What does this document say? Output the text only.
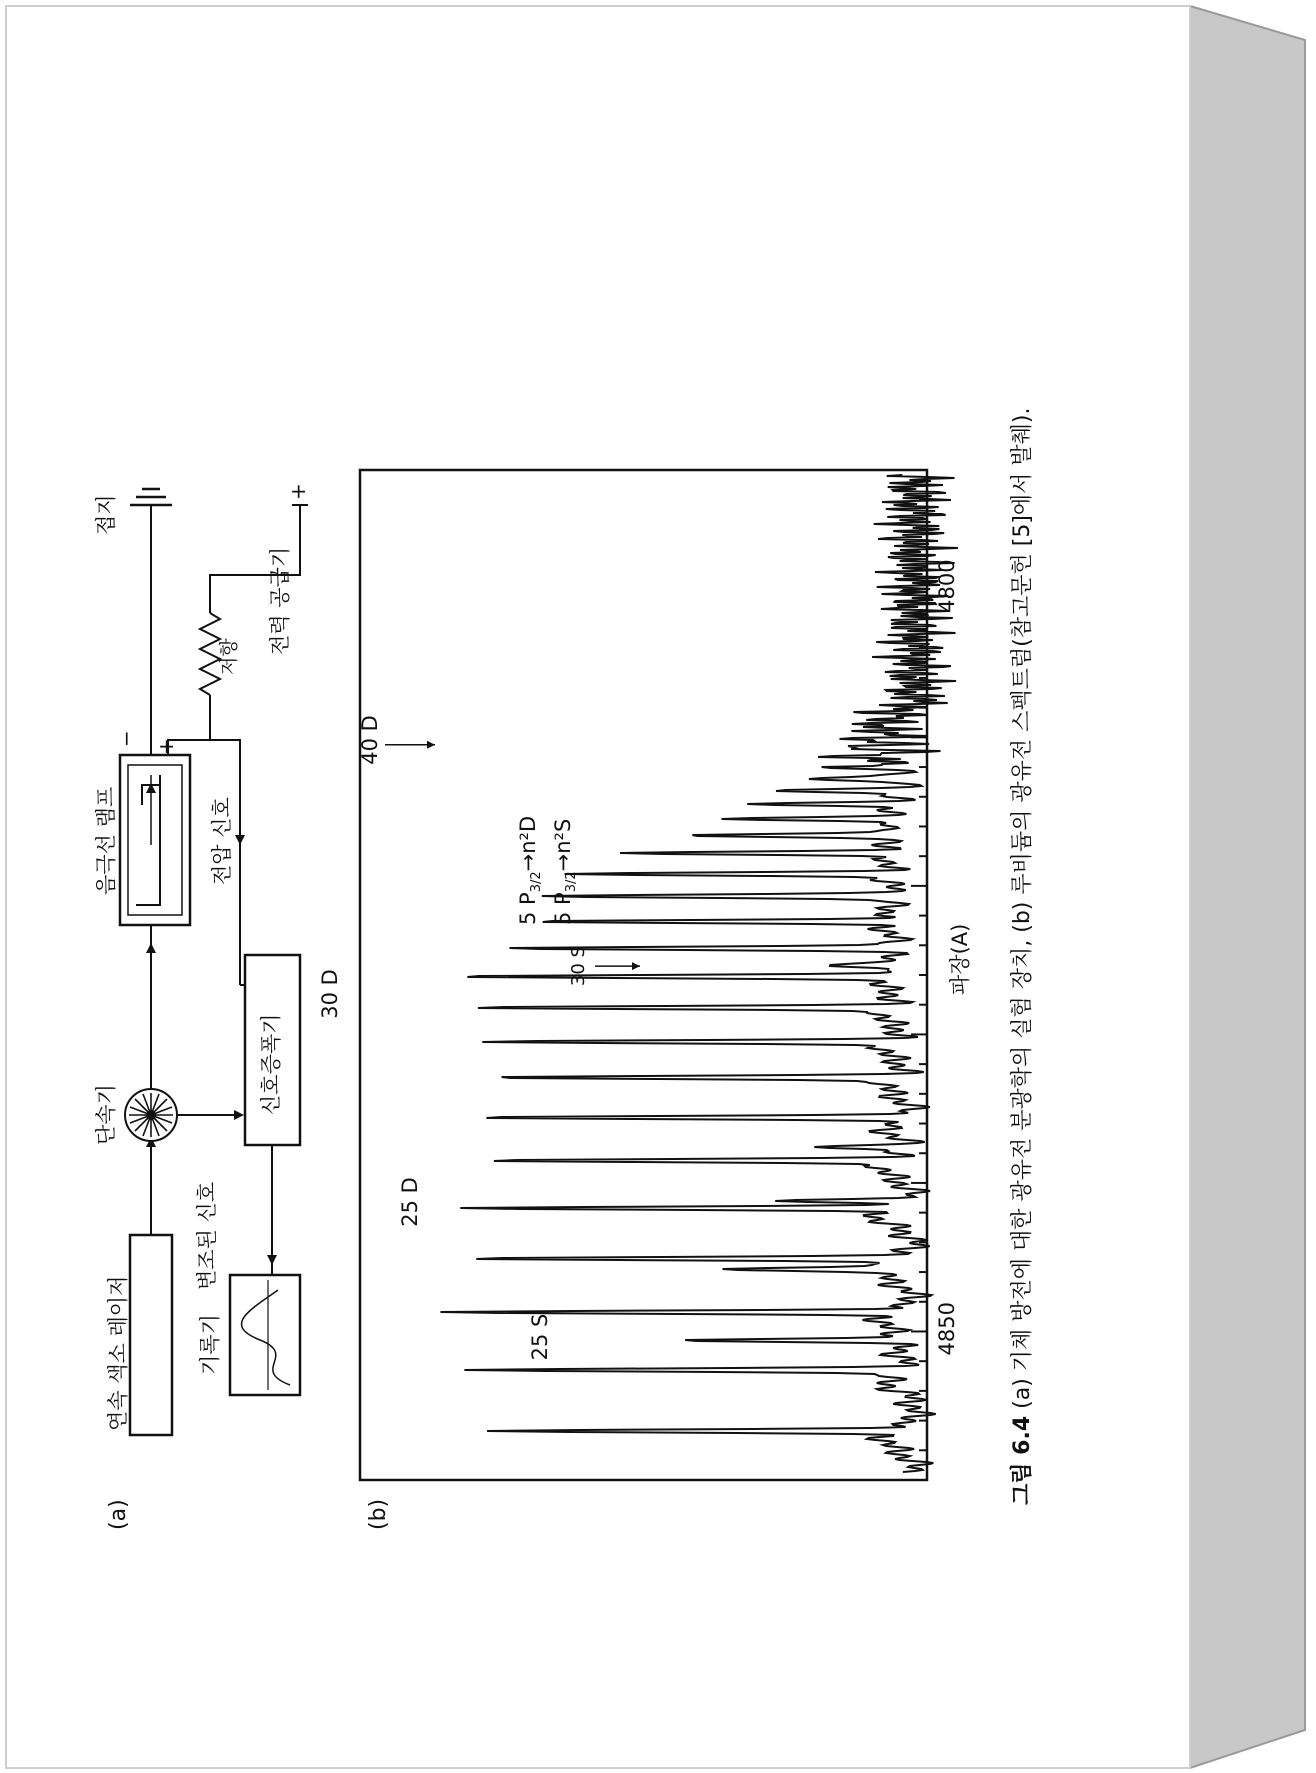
(a)
연속 색소 레이저
단속기
음극선 램프
접지
− +
저항
전력 공급기
+
전압 신호
변조된 신호
신호증폭기
기록기
(b)
4850
4800
5 $P_{3/2}\to n^2D$
5 $P_{3/2}\to n^2S$
25 S
25 D
30 D
30 S
40 D
파장(A)
그림 6.4 (a) 기체 방전에 대한 광유전 분광학의 실험 장치, (b) 루비듐의 광유전 스펙트럼(참고문헌 [5]에서 발췌).
